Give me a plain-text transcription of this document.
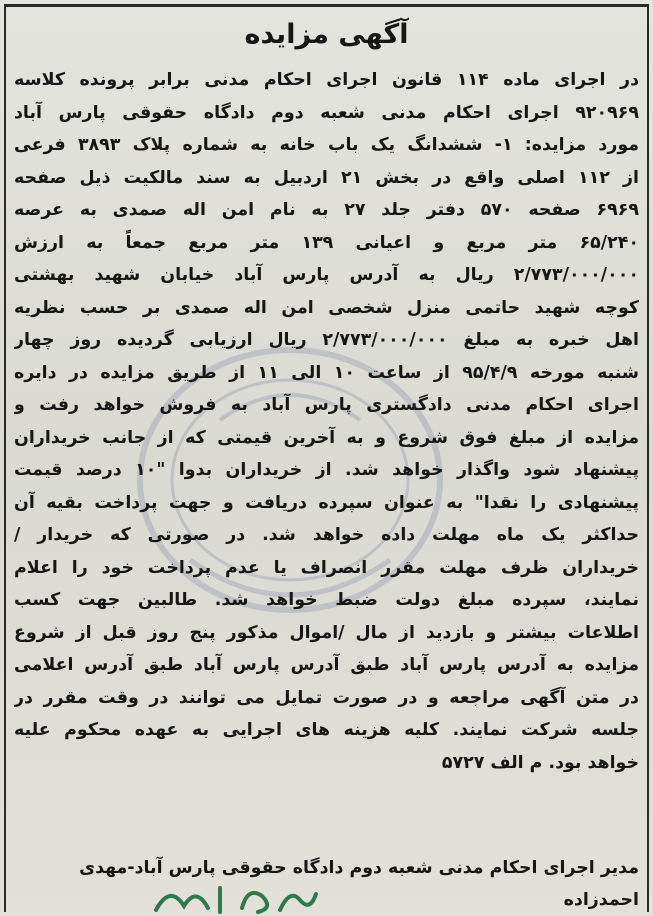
آگهی مزایده
در اجرای ماده ۱۱۴ قانون اجرای احکام مدنی برابر پرونده کلاسه
۹۲۰۹۶۹ اجرای احکام مدنی شعبه دوم دادگاه حقوقی پارس آباد
مورد مزایده: ۱- ششدانگ یک باب خانه به شماره پلاک ۳۸۹۳ فرعی
از ۱۱۲ اصلی واقع در بخش ۲۱ اردبیل به سند مالکیت ذیل صفحه
۶۹۶۹ صفحه ۵۷۰ دفتر جلد ۲۷ به نام امن اله صمدی به عرصه
۶۵/۲۴۰ متر مربع و اعیانی ۱۳۹ متر مربع جمعاً به ارزش
۲/۷۷۳/۰۰۰/۰۰۰ ریال به آدرس پارس آباد خیابان شهید بهشتی
کوچه شهید حاتمی منزل شخصی امن اله صمدی بر حسب نظریه
اهل خبره به مبلغ ۲/۷۷۳/۰۰۰/۰۰۰ ریال ارزیابی گردیده روز چهار
شنبه مورخه ۹۵/۴/۹ از ساعت ۱۰ الی ۱۱ از طریق مزایده در دایره
اجرای احکام مدنی دادگستری پارس آباد به فروش خواهد رفت و
مزایده از مبلغ فوق شروع و به آخرین قیمتی که از جانب خریداران
پیشنهاد شود واگذار خواهد شد. از خریداران بدوا "۱۰ درصد قیمت
پیشنهادی را نقدا" به عنوان سپرده دریافت و جهت پرداخت بقیه آن
حداکثر یک ماه مهلت داده خواهد شد. در صورتی که خریدار /
خریداران ظرف مهلت مقرر انصراف یا عدم پرداخت خود را اعلام
نمایند، سپرده مبلغ دولت ضبط خواهد شد. طالبین جهت کسب
اطلاعات بیشتر و بازدید از مال /اموال مذکور پنج روز قبل از شروع
مزایده به آدرس پارس آباد طبق آدرس پارس آباد طبق آدرس اعلامی
در متن آگهی مراجعه و در صورت تمایل می توانند در وقت مقرر در
جلسه شرکت نمایند. کلیه هزینه های اجرایی به عهده محکوم علیه
خواهد بود. م الف ۵۷۲۷
مدیر اجرای احکام مدنی شعبه دوم دادگاه حقوقی پارس آباد-مهدی
احمدزاده
